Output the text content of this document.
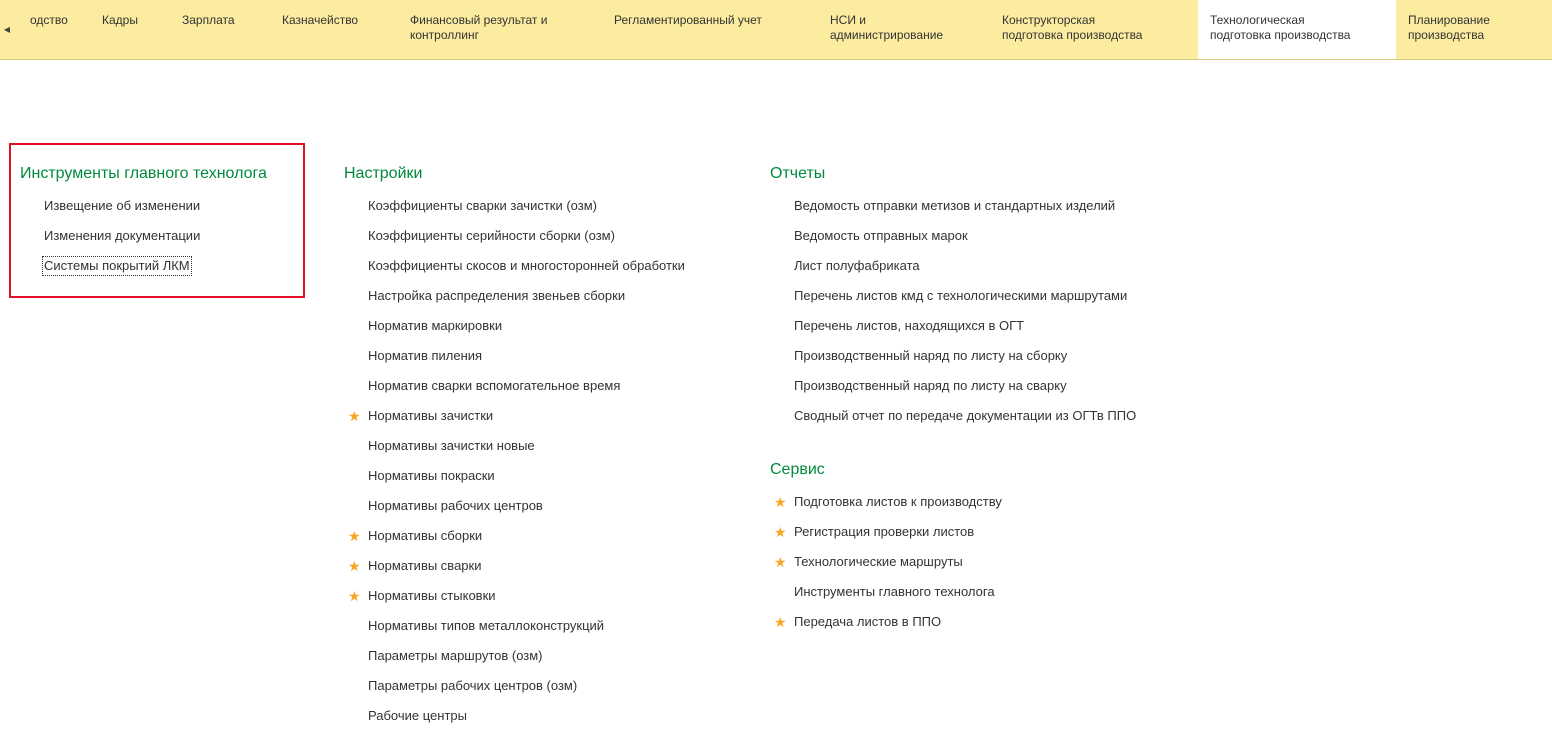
◀
одство	Кадры	Зарплата	Казначейство	Финансовый результат и
контроллинг
Регламентированный учет	НСИ и
администрирование
Конструкторская
подготовка производства
Технологическая
подготовка производства
Планирование
производства
Инструменты главного технолога
Извещение об изменении
Изменения документации
Системы покрытий ЛКМ
Настройки
Коэффициенты сварки зачистки (озм)
Коэффициенты серийности сборки (озм)
Коэффициенты скосов и многосторонней обработки
Настройка распределения звеньев сборки
Норматив маркировки
Норматив пиления
Норматив сварки вспомогательное время
★ Нормативы зачистки
Нормативы зачистки новые
Нормативы покраски
Нормативы рабочих центров
★ Нормативы сборки
★ Нормативы сварки
★ Нормативы стыковки
Нормативы типов металлоконструкций
Параметры маршрутов (озм)
Параметры рабочих центров (озм)
Рабочие центры
Отчеты
Ведомость отправки метизов и стандартных изделий
Ведомость отправных марок
Лист полуфабриката
Перечень листов кмд с технологическими маршрутами
Перечень листов, находящихся в ОГТ
Производственный наряд по листу на сборку
Производственный наряд по листу на сварку
Сводный отчет по передаче документации из ОГТв ППО
Сервис
★ Подготовка листов к производству
★ Регистрация проверки листов
★ Технологические маршруты
Инструменты главного технолога
★ Передача листов в ППО
